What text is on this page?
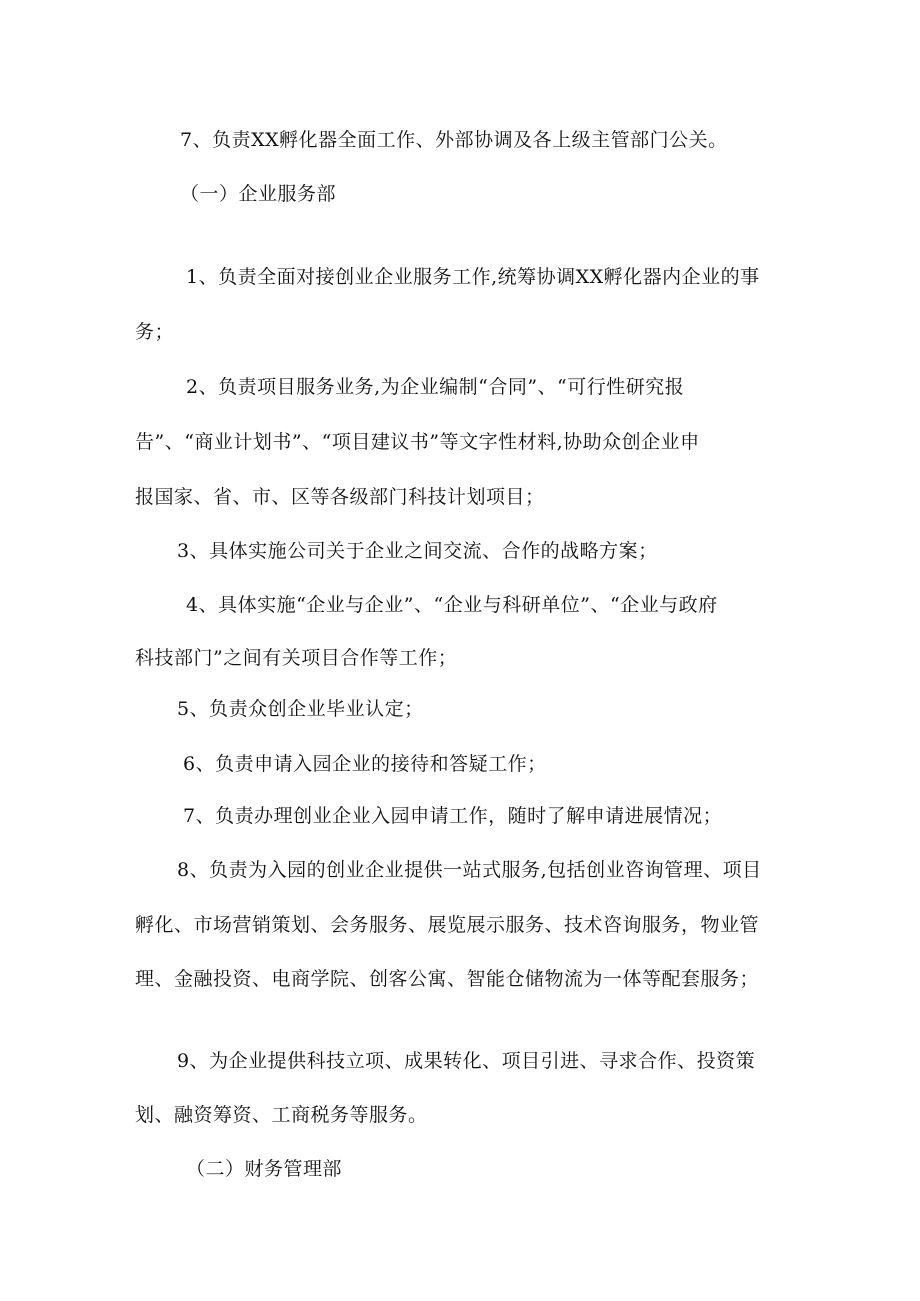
7、负责XX孵化器全面工作、外部协调及各上级主管部门公关。
（一）企业服务部
1、负责全面对接创业企业服务工作,统筹协调XX孵化器内企业的事
务；
2、负责项目服务业务,为企业编制“合同”、“可行性研究报
告”、“商业计划书”、“项目建议书”等文字性材料,协助众创企业申
报国家、省、市、区等各级部门科技计划项目；
3、具体实施公司关于企业之间交流、合作的战略方案；
4、具体实施“企业与企业”、“企业与科研单位”、“企业与政府
科技部门”之间有关项目合作等工作；
5、负责众创企业毕业认定；
6、负责申请入园企业的接待和答疑工作；
7、负责办理创业企业入园申请工作，随时了解申请进展情况；
8、负责为入园的创业企业提供一站式服务,包括创业咨询管理、项目
孵化、市场营销策划、会务服务、展览展示服务、技术咨询服务，物业管
理、金融投资、电商学院、创客公寓、智能仓储物流为一体等配套服务；
9、为企业提供科技立项、成果转化、项目引进、寻求合作、投资策
划、融资筹资、工商税务等服务。
（二）财务管理部
